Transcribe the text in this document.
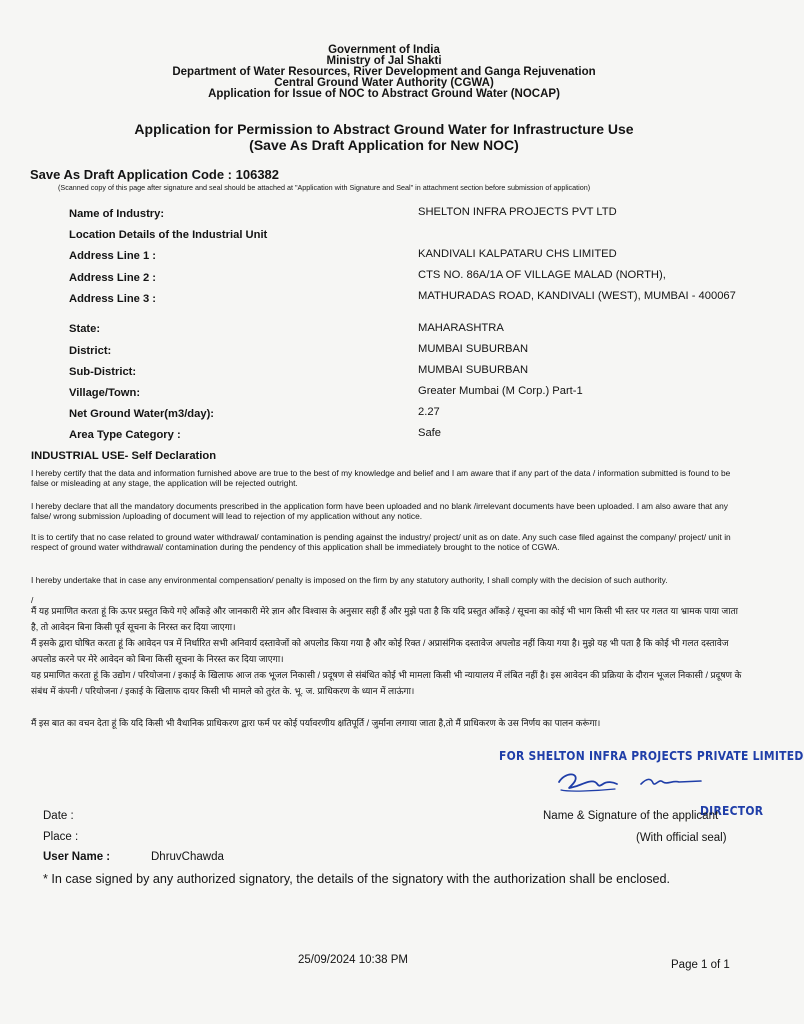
Government of India
Ministry of Jal Shakti
Department of Water Resources, River Development and Ganga Rejuvenation
Central Ground Water Authority (CGWA)
Application for Issue of NOC to Abstract Ground Water (NOCAP)
Application for Permission to Abstract Ground Water for Infrastructure Use
(Save As Draft Application for New NOC)
Save As Draft Application Code : 106382
(Scanned copy of this page after signature and seal should be attached at "Application with Signature and Seal" in attachment section before submission of application)
Name of Industry:	SHELTON INFRA PROJECTS PVT LTD
Location Details of the Industrial Unit
Address Line 1 :	KANDIVALI KALPATARU CHS LIMITED
Address Line 2 :	CTS NO. 86A/1A OF VILLAGE MALAD (NORTH),
Address Line 3 :	MATHURADAS ROAD, KANDIVALI (WEST), MUMBAI - 400067
State:	MAHARASHTRA
District:	MUMBAI SUBURBAN
Sub-District:	MUMBAI SUBURBAN
Village/Town:	Greater Mumbai (M Corp.) Part-1
Net Ground Water(m3/day):	2.27
Area Type Category :	Safe
INDUSTRIAL USE- Self Declaration
I hereby certify that the data and information furnished above are true to the best of my knowledge and belief and I am aware that if any part of the data / information submitted is found to be false or misleading at any stage, the application will be rejected outright.
I hereby declare that all the mandatory documents prescribed in the application form have been uploaded and no blank /irrelevant documents have been uploaded. I am also aware that any false/ wrong submission /uploading of document will lead to rejection of my application without any notice.
It is to certify that no case related to ground water withdrawal/ contamination is pending against the industry/ project/ unit as on date. Any such case filed against the company/ project/ unit in respect of ground water withdrawal/ contamination during the pendency of this application shall be immediately brought to the notice of CGWA.
I hereby undertake that in case any environmental compensation/ penalty is imposed on the firm by any statutory authority, I shall comply with the decision of such authority.
/
मैं यह प्रमाणित करता हूं कि ऊपर प्रस्तुत किये गऐ आँकड़े और जानकारी मेरे ज्ञान और विश्वास के अनुसार सही हैं और मुझे पता है कि यदि प्रस्तुत आँकड़े / सूचना का कोई भी भाग किसी भी स्तर पर गलत या भ्रामक पाया जाता है, तो आवेदन बिना किसी पूर्व सूचना के निरस्त कर दिया जाएगा।
मैं इसके द्वारा घोषित करता हूं कि आवेदन पत्र में निर्धारित सभी अनिवार्य दस्तावेजों को अपलोड किया गया है और कोई रिक्त / अप्रासंगिक दस्तावेज अपलोड नहीं किया गया है। मुझे यह भी पता है कि कोई भी गलत दस्तावेज अपलोड करने पर मेरे आवेदन को बिना किसी सूचना के निरस्त कर दिया जाएगा।
यह प्रमाणित करता हूं कि उद्योग / परियोजना / इकाई के खिलाफ आज तक भूजल निकासी / प्रदूषण से संबंधित कोई भी मामला किसी भी न्यायालय में लंबित नहीं है। इस आवेदन की प्रक्रिया के दौरान भूजल निकासी / प्रदूषण के संबंध में कंपनी / परियोजना / इकाई के खिलाफ दायर किसी भी मामले को तुरंत के. भू. ज. प्राधिकरण के ध्यान में लाऊंगा।
मैं इस बात का वचन देता हूं कि यदि किसी भी वैधानिक प्राधिकरण द्वारा फर्म पर कोई पर्यावरणीय क्षतिपूर्ति / जुर्माना लगाया जाता है,तो मैं प्राधिकरण के उस निर्णय का पालन करूंगा।
FOR SHELTON INFRA PROJECTS PRIVATE LIMITED
DIRECTOR
Date :	Name & Signature of the applicant
Place :	(With official seal)
User Name :	DhruvChawda
* In case signed by any authorized signatory, the details of the signatory with the authorization shall be enclosed.
25/09/2024 10:38 PM	Page 1 of 1
